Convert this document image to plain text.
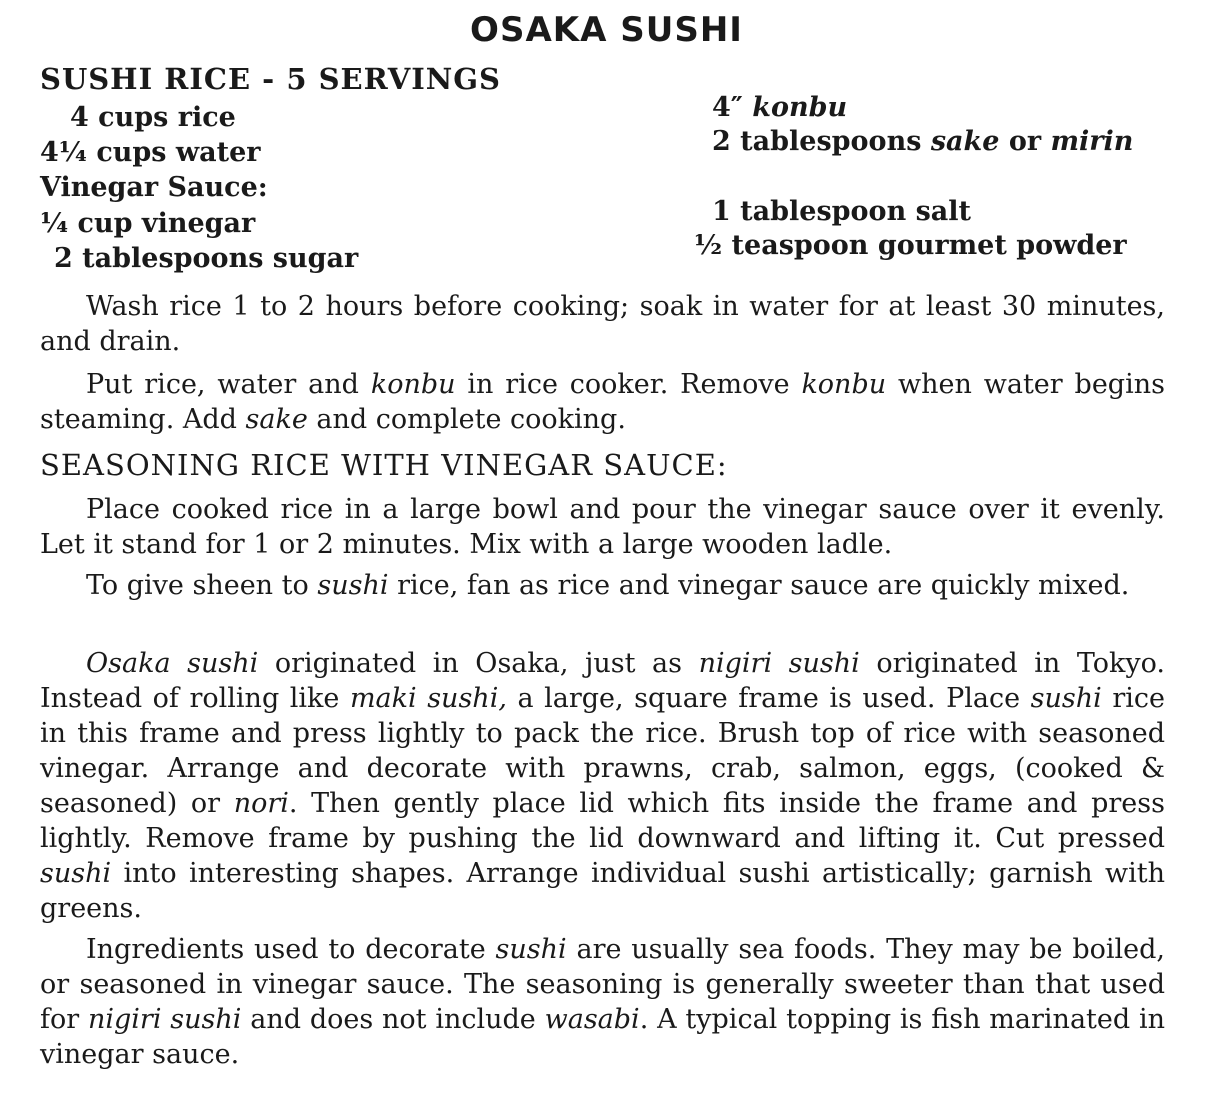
OSAKA SUSHI
SUSHI RICE - 5 SERVINGS
4 cups rice
4¼ cups water
Vinegar Sauce:
¼ cup vinegar
2 tablespoons sugar
4″ konbu
2 tablespoons sake or mirin
1 tablespoon salt
½ teaspoon gourmet powder
Wash rice 1 to 2 hours before cooking; soak in water for at least 30 minutes, and drain.
Put rice, water and konbu in rice cooker. Remove konbu when water begins steaming. Add sake and complete cooking.
SEASONING RICE WITH VINEGAR SAUCE:
Place cooked rice in a large bowl and pour the vinegar sauce over it evenly. Let it stand for 1 or 2 minutes. Mix with a large wooden ladle.
To give sheen to sushi rice, fan as rice and vinegar sauce are quickly mixed.
Osaka sushi originated in Osaka, just as nigiri sushi originated in Tokyo. Instead of rolling like maki sushi, a large, square frame is used. Place sushi rice in this frame and press lightly to pack the rice. Brush top of rice with seasoned vinegar. Arrange and decorate with prawns, crab, salmon, eggs, (cooked & seasoned) or nori. Then gently place lid which fits inside the frame and press lightly. Remove frame by pushing the lid downward and lifting it. Cut pressed sushi into interesting shapes. Arrange individual sushi artistically; garnish with greens.
Ingredients used to decorate sushi are usually sea foods. They may be boiled, or seasoned in vinegar sauce. The seasoning is generally sweeter than that used for nigiri sushi and does not include wasabi. A typical topping is fish marinated in vinegar sauce.
